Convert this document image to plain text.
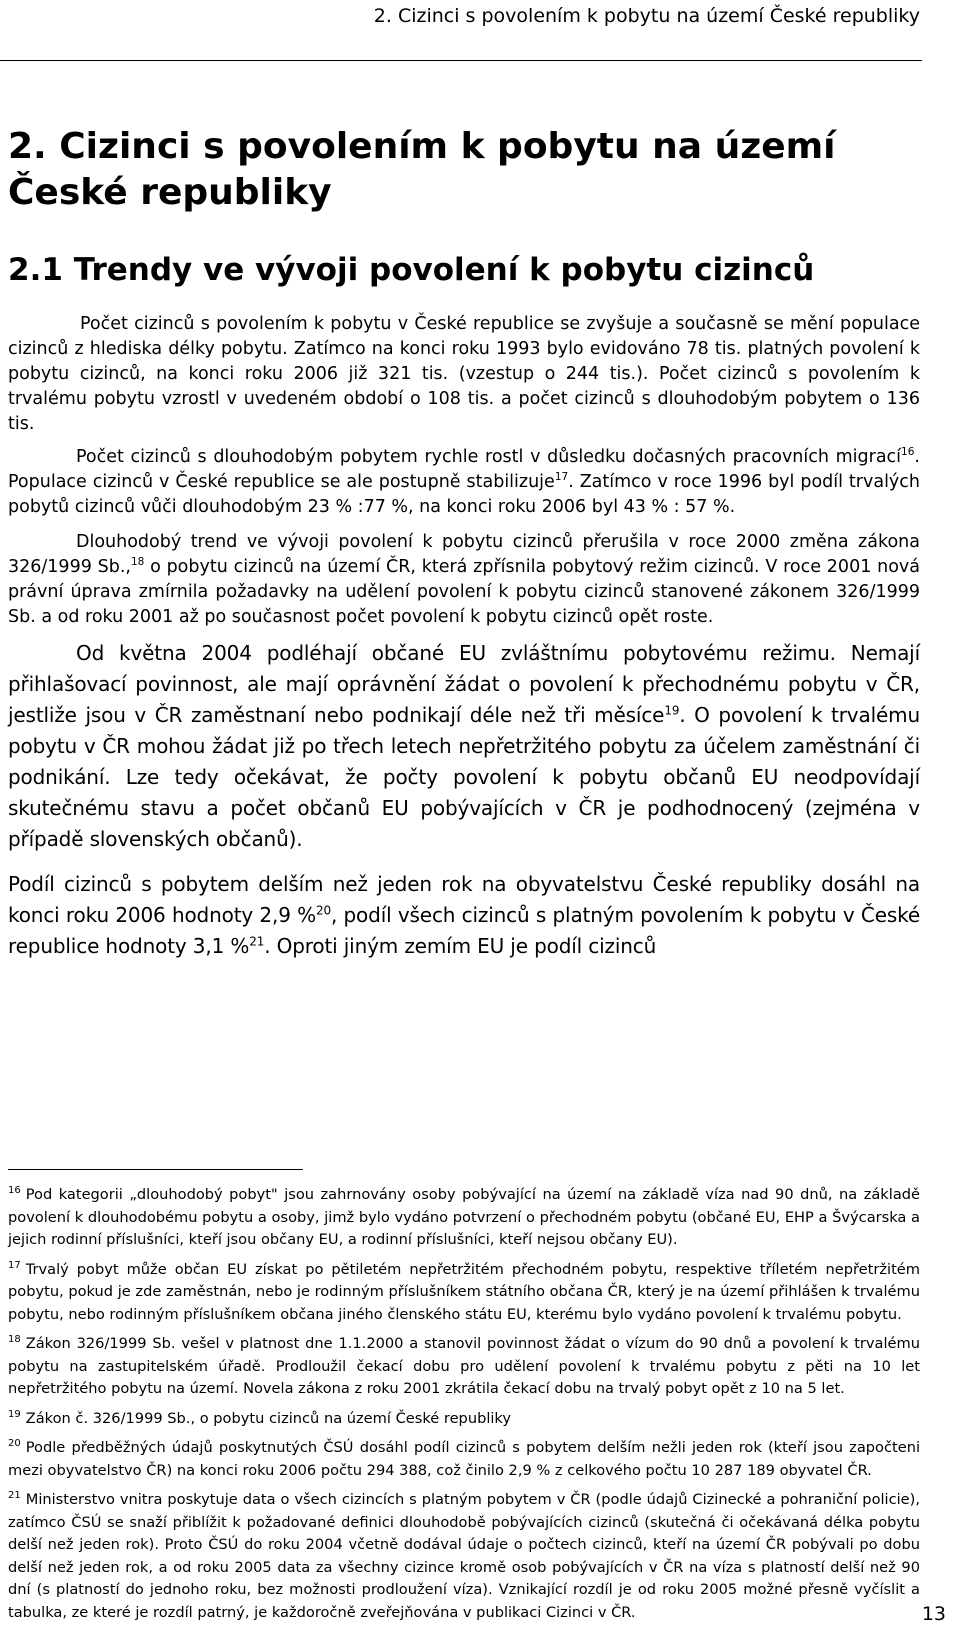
2. Cizinci s povolením k pobytu na území České republiky
2. Cizinci s povolením k pobytu na území České republiky
2.1 Trendy ve vývoji povolení k pobytu cizinců

Počet cizinců s povolením k pobytu v České republice se zvyšuje a současně se mění populace cizinců z hlediska délky pobytu. Zatímco na konci roku 1993 bylo evidováno 78 tis. platných povolení k pobytu cizinců, na konci roku 2006 již 321 tis. (vzestup o 244 tis.). Počet cizinců s povolením k trvalému pobytu vzrostl v uvedeném období o 108 tis. a počet cizinců s dlouhodobým pobytem o 136 tis.

Počet cizinců s dlouhodobým pobytem rychle rostl v důsledku dočasných pracovních migrací$^{16}$. Populace cizinců v České republice se ale postupně stabilizuje$^{17}$. Zatímco v roce 1996 byl podíl trvalých pobytů cizinců vůči dlouhodobým 23 % :77 %, na konci roku 2006 byl 43 % : 57 %.

Dlouhodobý trend ve vývoji povolení k pobytu cizinců přerušila v roce 2000 změna zákona 326/1999 Sb.,$^{18}$ o pobytu cizinců na území ČR, která zpřísnila pobytový režim cizinců. V roce 2001 nová právní úprava zmírnila požadavky na udělení povolení k pobytu cizinců stanovené zákonem 326/1999 Sb. a od roku 2001 až po současnost počet povolení k pobytu cizinců opět roste.

Od května 2004 podléhají občané EU zvláštnímu pobytovému režimu. Nemají přihlašovací povinnost, ale mají oprávnění žádat o povolení k přechodnému pobytu v ČR, jestliže jsou v ČR zaměstnaní nebo podnikají déle než tři měsíce$^{19}$. O povolení k trvalému pobytu v ČR mohou žádat již po třech letech nepřetržitého pobytu za účelem zaměstnání či podnikání. Lze tedy očekávat, že počty povolení k pobytu občanů EU neodpovídají skutečnému stavu a počet občanů EU pobývajících v ČR je podhodnocený (zejména v případě slovenských občanů).

Podíl cizinců s pobytem delším než jeden rok na obyvatelstvu České republiky dosáhl na konci roku 2006 hodnoty 2,9 %$^{20}$, podíl všech cizinců s platným povolením k pobytu v České republice hodnoty 3,1 %$^{21}$. Oproti jiným zemím EU je podíl cizinců

$^{16}$ Pod kategorii „dlouhodobý pobyt" jsou zahrnovány osoby pobývající na území na základě víza nad 90 dnů, na základě povolení k dlouhodobému pobytu a osoby, jimž bylo vydáno potvrzení o přechodném pobytu (občané EU, EHP a Švýcarska a jejich rodinní příslušníci, kteří jsou občany EU, a rodinní příslušníci, kteří nejsou občany EU).

$^{17}$ Trvalý pobyt může občan EU získat po pětiletém nepřetržitém přechodném pobytu, respektive tříletém nepřetržitém pobytu, pokud je zde zaměstnán, nebo je rodinným příslušníkem státního občana ČR, který je na území přihlášen k trvalému pobytu, nebo rodinným příslušníkem občana jiného členského státu EU, kterému bylo vydáno povolení k trvalému pobytu.

$^{18}$ Zákon 326/1999 Sb. vešel v platnost dne 1.1.2000 a stanovil povinnost žádat o vízum do 90 dnů a povolení k trvalému pobytu na zastupitelském úřadě. Prodloužil čekací dobu pro udělení povolení k trvalému pobytu z pěti na 10 let nepřetržitého pobytu na území. Novela zákona z roku 2001 zkrátila čekací dobu na trvalý pobyt opět z 10 na 5 let.

$^{19}$ Zákon č. 326/1999 Sb., o pobytu cizinců na území České republiky

$^{20}$ Podle předběžných údajů poskytnutých ČSÚ dosáhl podíl cizinců s pobytem delším nežli jeden rok (kteří jsou započteni mezi obyvatelstvo ČR) na konci roku 2006 počtu 294 388, což činilo 2,9 % z celkového počtu 10 287 189 obyvatel ČR.

$^{21}$ Ministerstvo vnitra poskytuje data o všech cizincích s platným pobytem v ČR (podle údajů Cizinecké a pohraniční policie), zatímco ČSÚ se snaží přiblížit k požadované definici dlouhodobě pobývajících cizinců (skutečná či očekávaná délka pobytu delší než jeden rok). Proto ČSÚ do roku 2004 včetně dodával údaje o počtech cizinců, kteří na území ČR pobývali po dobu delší než jeden rok, a od roku 2005 data za všechny cizince kromě osob pobývajících v ČR na víza s platností delší než 90 dní (s platností do jednoho roku, bez možnosti prodloužení víza). Vznikající rozdíl je od roku 2005 možné přesně vyčíslit a tabulka, ze které je rozdíl patrný, je každoročně zveřejňována v publikaci Cizinci v ČR.	13
